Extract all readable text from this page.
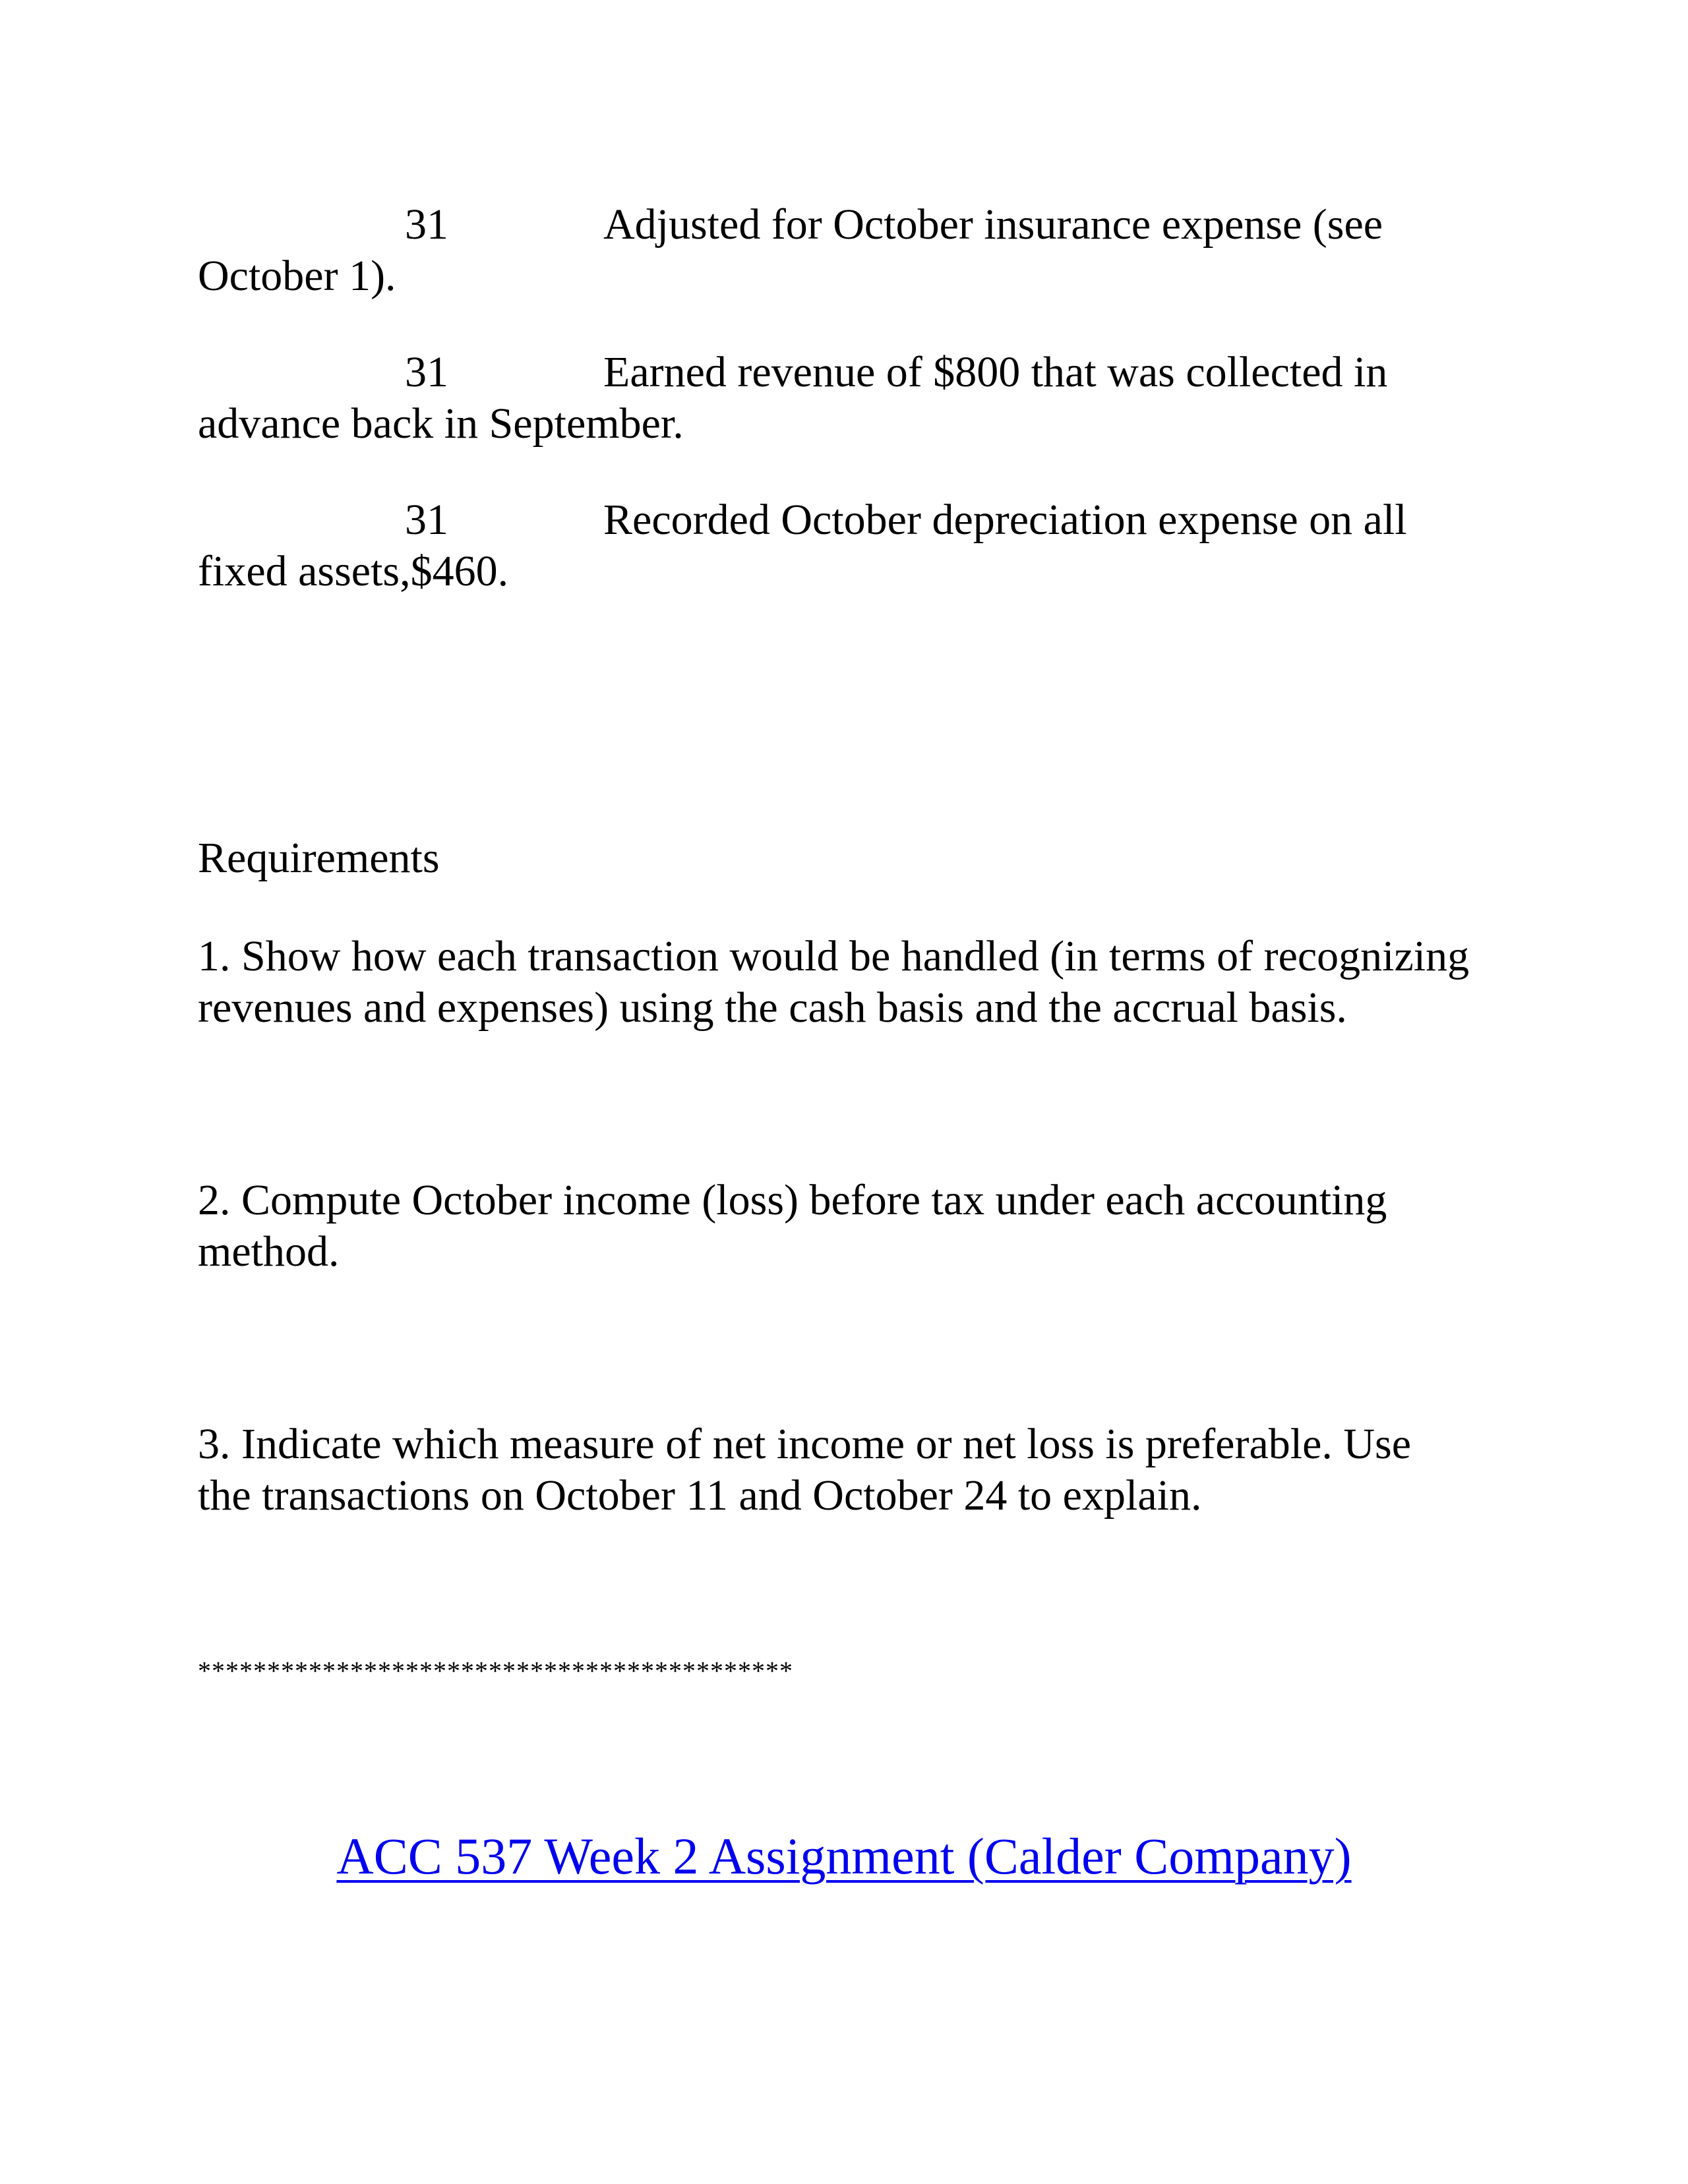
31	Adjusted for October insurance expense (see
October 1).
31	Earned revenue of $800 that was collected in
advance back in September.
31	Recorded October depreciation expense on all
fixed assets,$460.
Requirements
1. Show how each transaction would be handled (in terms of recognizing
revenues and expenses) using the cash basis and the accrual basis.
2. Compute October income (loss) before tax under each accounting
method.
3. Indicate which measure of net income or net loss is preferable. Use
the transactions on October 11 and October 24 to explain.
*******************************************
ACC 537 Week 2 Assignment (Calder Company)
